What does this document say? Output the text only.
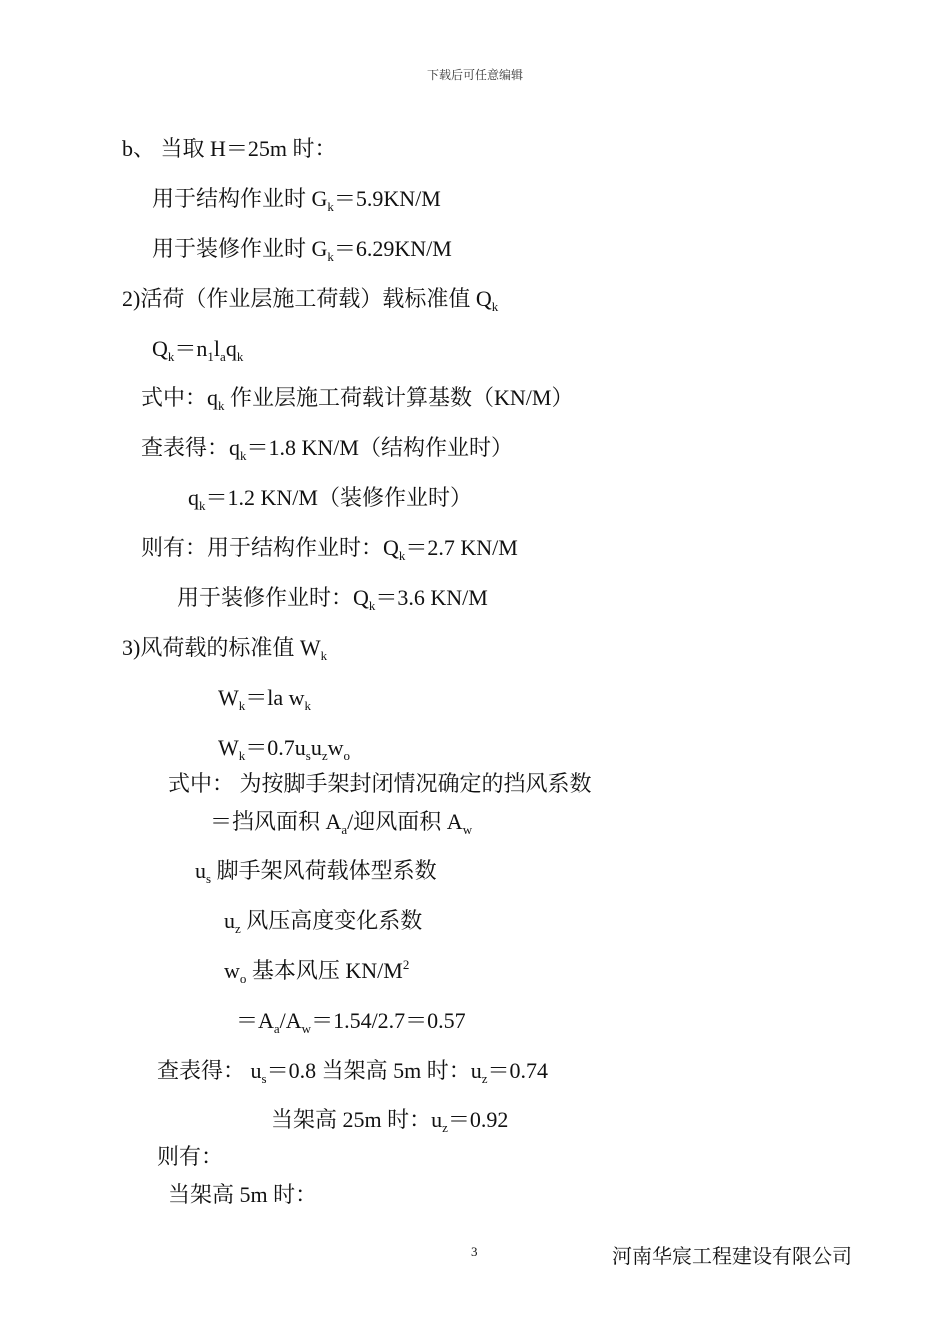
下载后可任意编辑
b、 当取 H＝25m 时：
用于结构作业时 $G_k=5.9KN/M$
用于装修作业时 $G_k=6.29KN/M$
2)活荷（作业层施工荷载）载标准值 $Q_k$
$Q_k=n_1l_aq_k$
式中：$q_k$ 作业层施工荷载计算基数（KN/M）
查表得：$q_k=1.8$ KN/M（结构作业时）
$q_k=1.2$ KN/M（装修作业时）
则有：用于结构作业时：$Q_k=2.7$ KN/M
用于装修作业时：$Q_k=3.6$ KN/M
3)风荷载的标准值 $W_k$
$W_k=la$ $w_k$
$W_k=0.7u_su_zw_o$
式中： 为按脚手架封闭情况确定的挡风系数
＝挡风面积 $A_a/$迎风面积 $A_w$
$u_s$ 脚手架风荷载体型系数
$u_z$ 风压高度变化系数
$w_o$ 基本风压 $KN/M^2$
$=A_a/A_w=1.54/2.7=0.57$
查表得： $u_s=0.8$ 当架高 5m 时：$u_z=0.74$
当架高 25m 时：$u_z=0.92$
则有：
当架高 5m 时：
3	河南华宸工程建设有限公司
